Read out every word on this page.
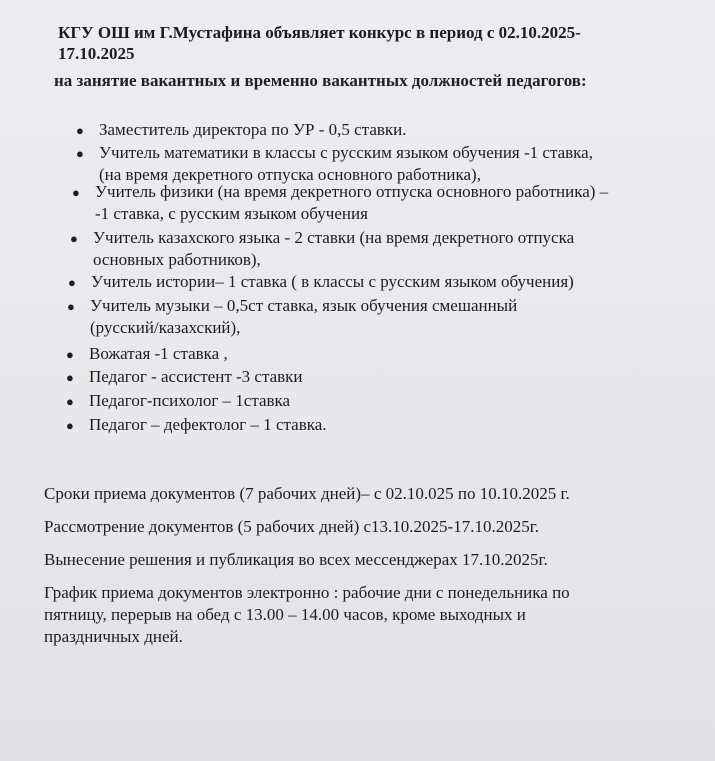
КГУ ОШ им Г.Мустафина объявляет конкурс в период с 02.10.2025-
17.10.2025
на занятие вакантных и временно вакантных должностей педагогов:
● Заместитель директора по УР - 0,5 ставки.
● Учитель математики в классы с русским языком обучения -1 ставка,
(на время декретного отпуска основного работника),
● Учитель физики (на время декретного отпуска основного работника) –
-1 ставка, с русским языком обучения
● Учитель казахского языка - 2 ставки (на время декретного отпуска
основных работников),
● Учитель истории– 1 ставка ( в классы с русским языком обучения)
● Учитель музыки – 0,5ст ставка, язык обучения смешанный
(русский/казахский),
● Вожатая -1 ставка ,
● Педагог - ассистент -3 ставки
● Педагог-психолог – 1ставка
● Педагог – дефектолог – 1 ставка.
Сроки приема документов (7 рабочих дней)– с 02.10.025 по 10.10.2025 г.
Рассмотрение документов (5 рабочих дней) с13.10.2025-17.10.2025г.
Вынесение решения и публикация во всех мессенджерах 17.10.2025г.
График приема документов электронно : рабочие дни с понедельника по
пятницу, перерыв на обед с 13.00 – 14.00 часов, кроме выходных и
праздничных дней.
